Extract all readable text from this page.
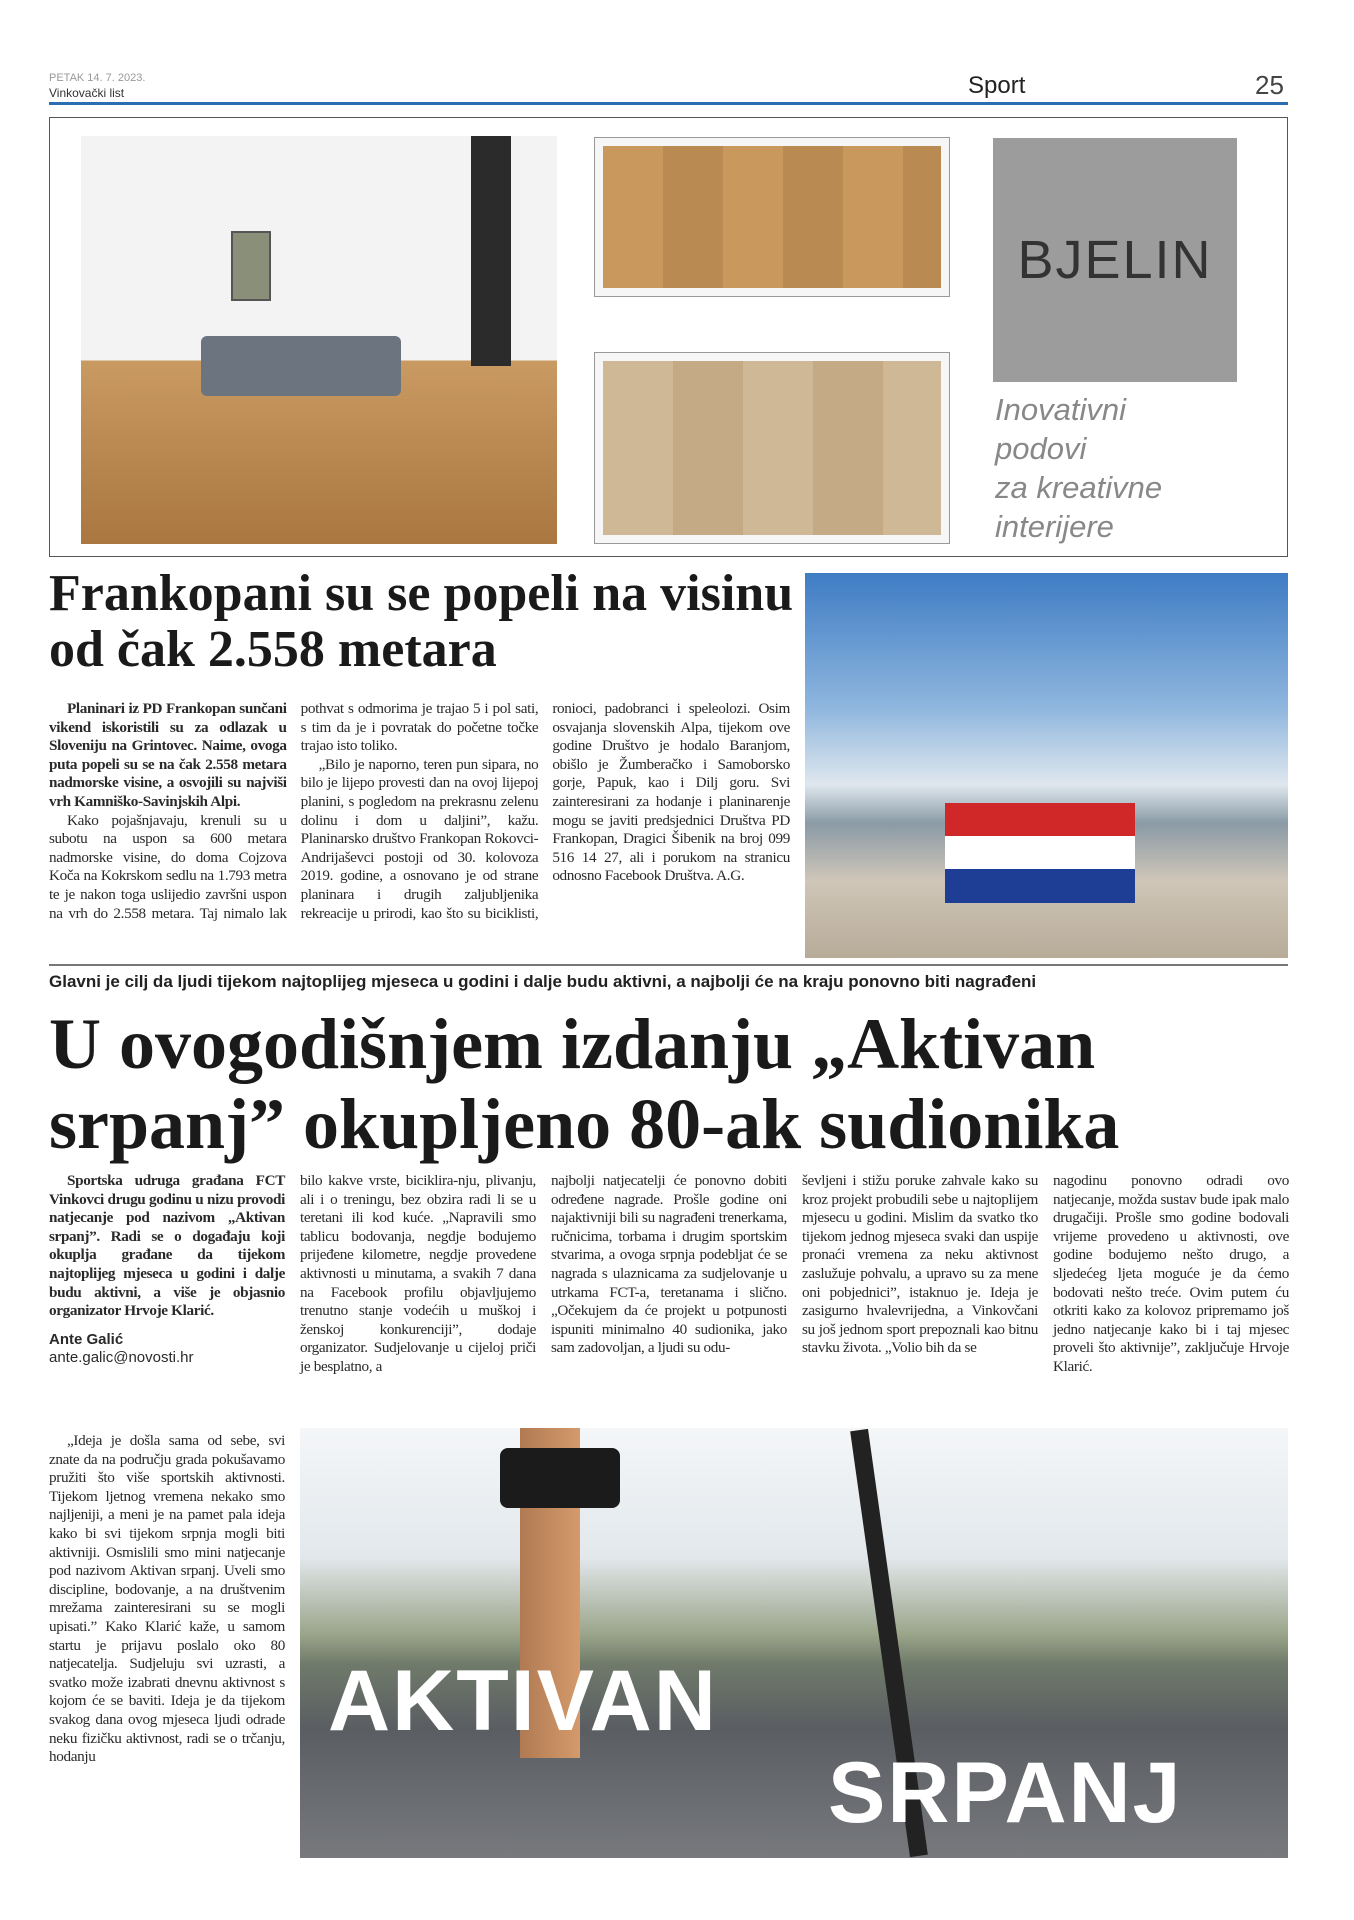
PETAK 14. 7. 2023.
Vinkovački list	Sport	25
BJELIN
Inovativni
podovi
za kreativne
interijere
Frankopani su se popeli na visinu od čak 2.558 metara

Planinari iz PD Frankopan sunčani vikend iskoristili su za odlazak u Sloveniju na Grintovec. Naime, ovoga puta popeli su se na čak 2.558 metara nadmorske visine, a osvojili su najviši vrh Kamniško-Savinjskih Alpi.

Kako pojašnjavaju, krenuli su u subotu na uspon sa 600 metara nadmorske visine, do doma Cojzova Koča na Kokrskom sedlu na 1.793 metra te je nakon toga uslijedio završni uspon na vrh do 2.558 metara. Taj nimalo lak pothvat s odmorima je trajao 5 i pol sati, s tim da je i povratak do početne točke trajao isto toliko.

„Bilo je naporno, teren pun sipara, no bilo je lijepo provesti dan na ovoj lijepoj planini, s pogledom na prekrasnu zelenu dolinu i dom u daljini”, kažu. Planinarsko društvo Frankopan Rokovci-Andrijaševci postoji od 30. kolovoza 2019. godine, a osnovano je od strane planinara i drugih zaljubljenika rekreacije u prirodi, kao što su biciklisti, ronioci, padobranci i speleolozi. Osim osvajanja slovenskih Alpa, tijekom ove godine Društvo je hodalo Baranjom, obišlo je Žumberačko i Samoborsko gorje, Papuk, kao i Dilj goru. Svi zainteresirani za hodanje i planinarenje mogu se javiti predsjednici Društva PD Frankopan, Dragici Šibenik na broj 099 516 14 27, ali i porukom na stranicu odnosno Facebook Društva. A.G.

Glavni je cilj da ljudi tijekom najtoplijeg mjeseca u godini i dalje budu aktivni, a najbolji će na kraju ponovno biti nagrađeni
U ovogodišnjem izdanju „Aktivan srpanj” okupljeno 80-ak sudionika

Sportska udruga građana FCT Vinkovci drugu godinu u nizu provodi natjecanje pod nazivom „Aktivan srpanj”. Radi se o događaju koji okuplja građane da tijekom najtoplijeg mjeseca u godini i dalje budu aktivni, a više je objasnio organizator Hrvoje Klarić.

Ante Galić
ante.galic@novosti.hr

bilo kakve vrste, biciklira-nju, plivanju, ali i o treningu, bez obzira radi li se u teretani ili kod kuće. „Napravili smo tablicu bodovanja, negdje bodujemo prijeđene kilometre, negdje provedene aktivnosti u minutama, a svakih 7 dana na Facebook profilu objavljujemo trenutno stanje vodećih u muškoj i ženskoj konkurenciji”, dodaje organizator. Sudjelovanje u cijeloj priči je besplatno, a

najbolji natjecatelji će ponovno dobiti određene nagrade. Prošle godine oni najaktivniji bili su nagrađeni trenerkama, ručnicima, torbama i drugim sportskim stvarima, a ovoga srpnja podebljat će se nagrada s ulaznicama za sudjelovanje u utrkama FCT-a, teretanama i slično. „Očekujem da će projekt u potpunosti ispuniti minimalno 40 sudionika, jako sam zadovoljan, a ljudi su odu-

ševljeni i stižu poruke zahvale kako su kroz projekt probudili sebe u najtoplijem mjesecu u godini. Mislim da svatko tko tijekom jednog mjeseca svaki dan uspije pronaći vremena za neku aktivnost zaslužuje pohvalu, a upravo su za mene oni pobjednici”, istaknuo je. Ideja je zasigurno hvalevrijedna, a Vinkovčani su još jednom sport prepoznali kao bitnu stavku života. „Volio bih da se

nagodinu ponovno odradi ovo natjecanje, možda sustav bude ipak malo drugačiji. Prošle smo godine bodovali vrijeme provedeno u aktivnosti, ove godine bodujemo nešto drugo, a sljedećeg ljeta moguće je da ćemo bodovati nešto treće. Ovim putem ću otkriti kako za kolovoz pripremamo još jedno natjecanje kako bi i taj mjesec proveli što aktivnije”, zaključuje Hrvoje Klarić.

„Ideja je došla sama od sebe, svi znate da na području grada pokušavamo pružiti što više sportskih aktivnosti. Tijekom ljetnog vremena nekako smo najljeniji, a meni je na pamet pala ideja kako bi svi tijekom srpnja mogli biti aktivniji. Osmislili smo mini natjecanje pod nazivom Aktivan srpanj. Uveli smo discipline, bodovanje, a na društvenim mrežama zainteresirani su se mogli upisati.” Kako Klarić kaže, u samom startu je prijavu poslalo oko 80 natjecatelja. Sudjeluju svi uzrasti, a svatko može izabrati dnevnu aktivnost s kojom će se baviti. Ideja je da tijekom svakog dana ovog mjeseca ljudi odrade neku fizičku aktivnost, radi se o trčanju, hodanju

AKTIVAN
SRPANJ
